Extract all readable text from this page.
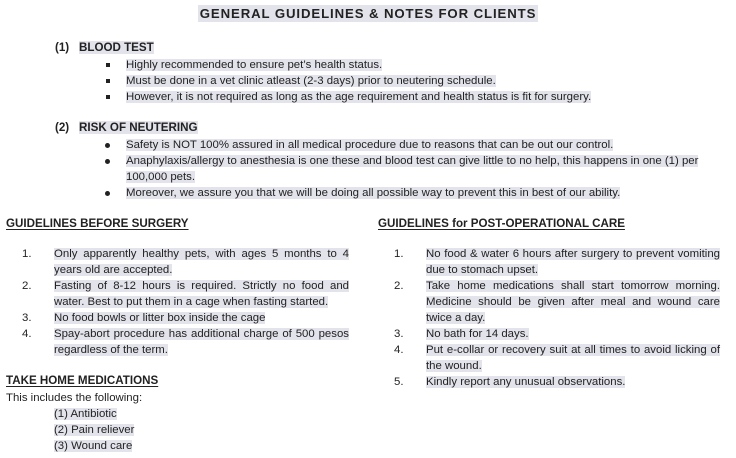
GENERAL GUIDELINES & NOTES FOR CLIENTS
(1) BLOOD TEST
Highly recommended to ensure pet’s health status.
Must be done in a vet clinic atleast (2-3 days) prior to neutering schedule.
However, it is not required as long as the age requirement and health status is fit for surgery.
(2) RISK OF NEUTERING
Safety is NOT 100% assured in all medical procedure due to reasons that can be out our control.
Anaphylaxis/allergy to anesthesia is one these and blood test can give little to no help, this happens in one (1) per 100,000 pets.
Moreover, we assure you that we will be doing all possible way to prevent this in best of our ability.
GUIDELINES BEFORE SURGERY
1.	Only apparently healthy pets, with ages 5 months to 4 years old are accepted.
2.	Fasting of 8-12 hours is required. Strictly no food and water. Best to put them in a cage when fasting started.
3.	No food bowls or litter box inside the cage
4.	Spay-abort procedure has additional charge of 500 pesos regardless of the term.
GUIDELINES for POST-OPERATIONAL CARE
1.	No food & water 6 hours after surgery to prevent vomiting due to stomach upset.
2.	Take home medications shall start tomorrow morning. Medicine should be given after meal and wound care twice a day.
3.	No bath for 14 days.
4.	Put e-collar or recovery suit at all times to avoid licking of the wound.
5.	Kindly report any unusual observations.
TAKE HOME MEDICATIONS
This includes the following:
(1) Antibiotic
(2) Pain reliever
(3) Wound care
